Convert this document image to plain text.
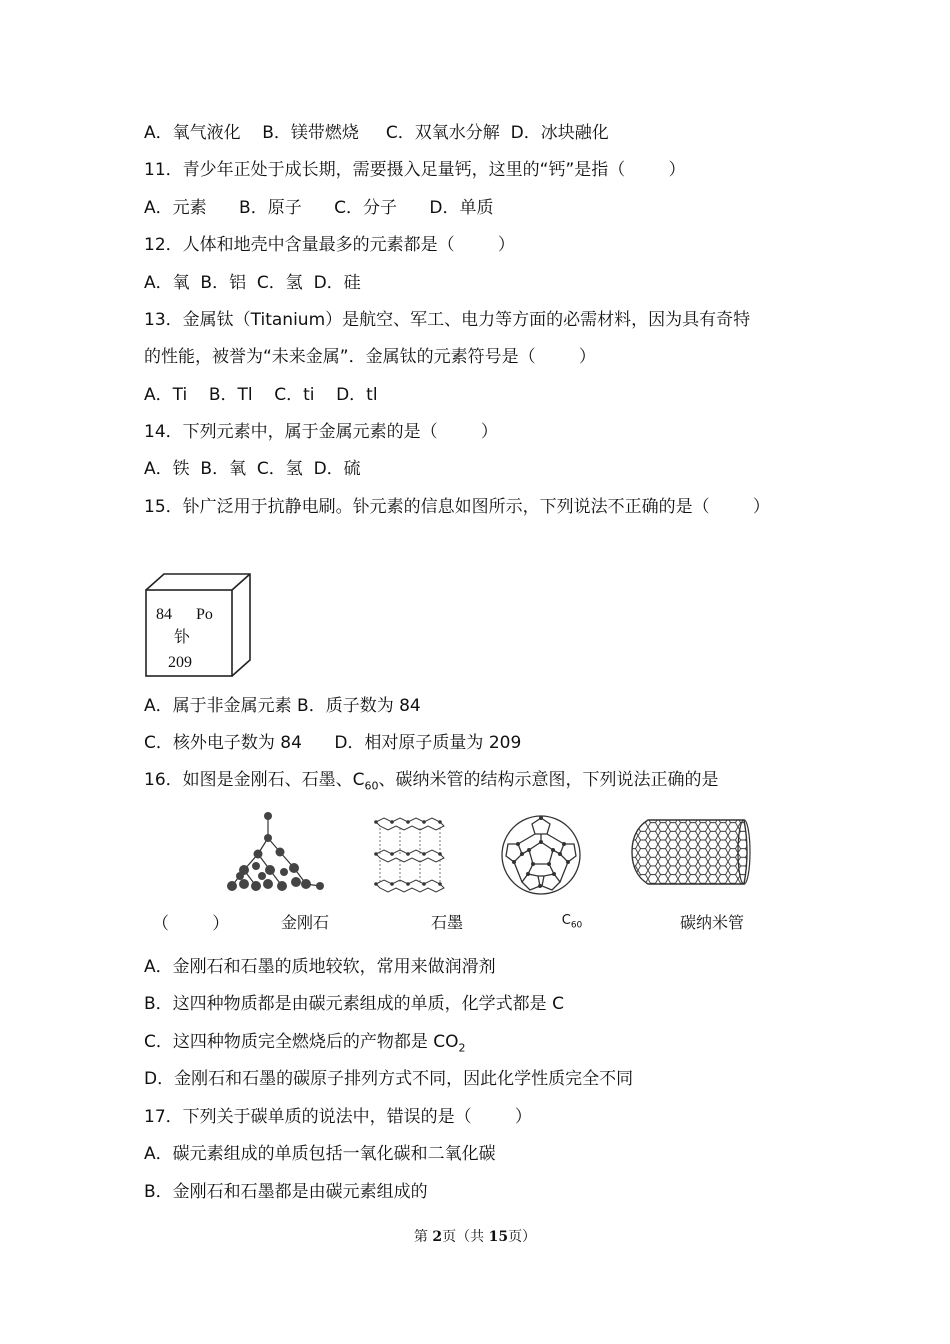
A．氧气液化    B．镁带燃烧     C．双氧水分解  D．冰块融化
11．青少年正处于成长期，需要摄入足量钙，这里的“钙”是指（        ）
A．元素      B．原子      C．分子      D．单质
12．人体和地壳中含量最多的元素都是（        ）
A．氧  B．铝  C．氢  D．硅
13．金属钛（Titanium）是航空、军工、电力等方面的必需材料，因为具有奇特
的性能，被誉为“未来金属”．金属钛的元素符号是（        ）
A．Ti    B．Tl    C．ti    D．tl
14．下列元素中，属于金属元素的是（        ）
A．铁  B．氧  C．氢  D．硫
15．钋广泛用于抗静电刷。钋元素的信息如图所示，下列说法不正确的是（        ）
84 Po
钋
209
A．属于非金属元素 B．质子数为 84
C．核外电子数为 84      D．相对原子质量为 209
16．如图是金刚石、石墨、$C_{60}$、碳纳米管的结构示意图，下列说法正确的是
（        ）	金刚石	石墨	$C_{60}$	碳纳米管
A．金刚石和石墨的质地较软，常用来做润滑剂
B．这四种物质都是由碳元素组成的单质，化学式都是 C
C．这四种物质完全燃烧后的产物都是 $CO_2$
D．金刚石和石墨的碳原子排列方式不同，因此化学性质完全不同
17．下列关于碳单质的说法中，错误的是（        ）
A．碳元素组成的单质包括一氧化碳和二氧化碳
B．金刚石和石墨都是由碳元素组成的
第 2页（共 15页）
